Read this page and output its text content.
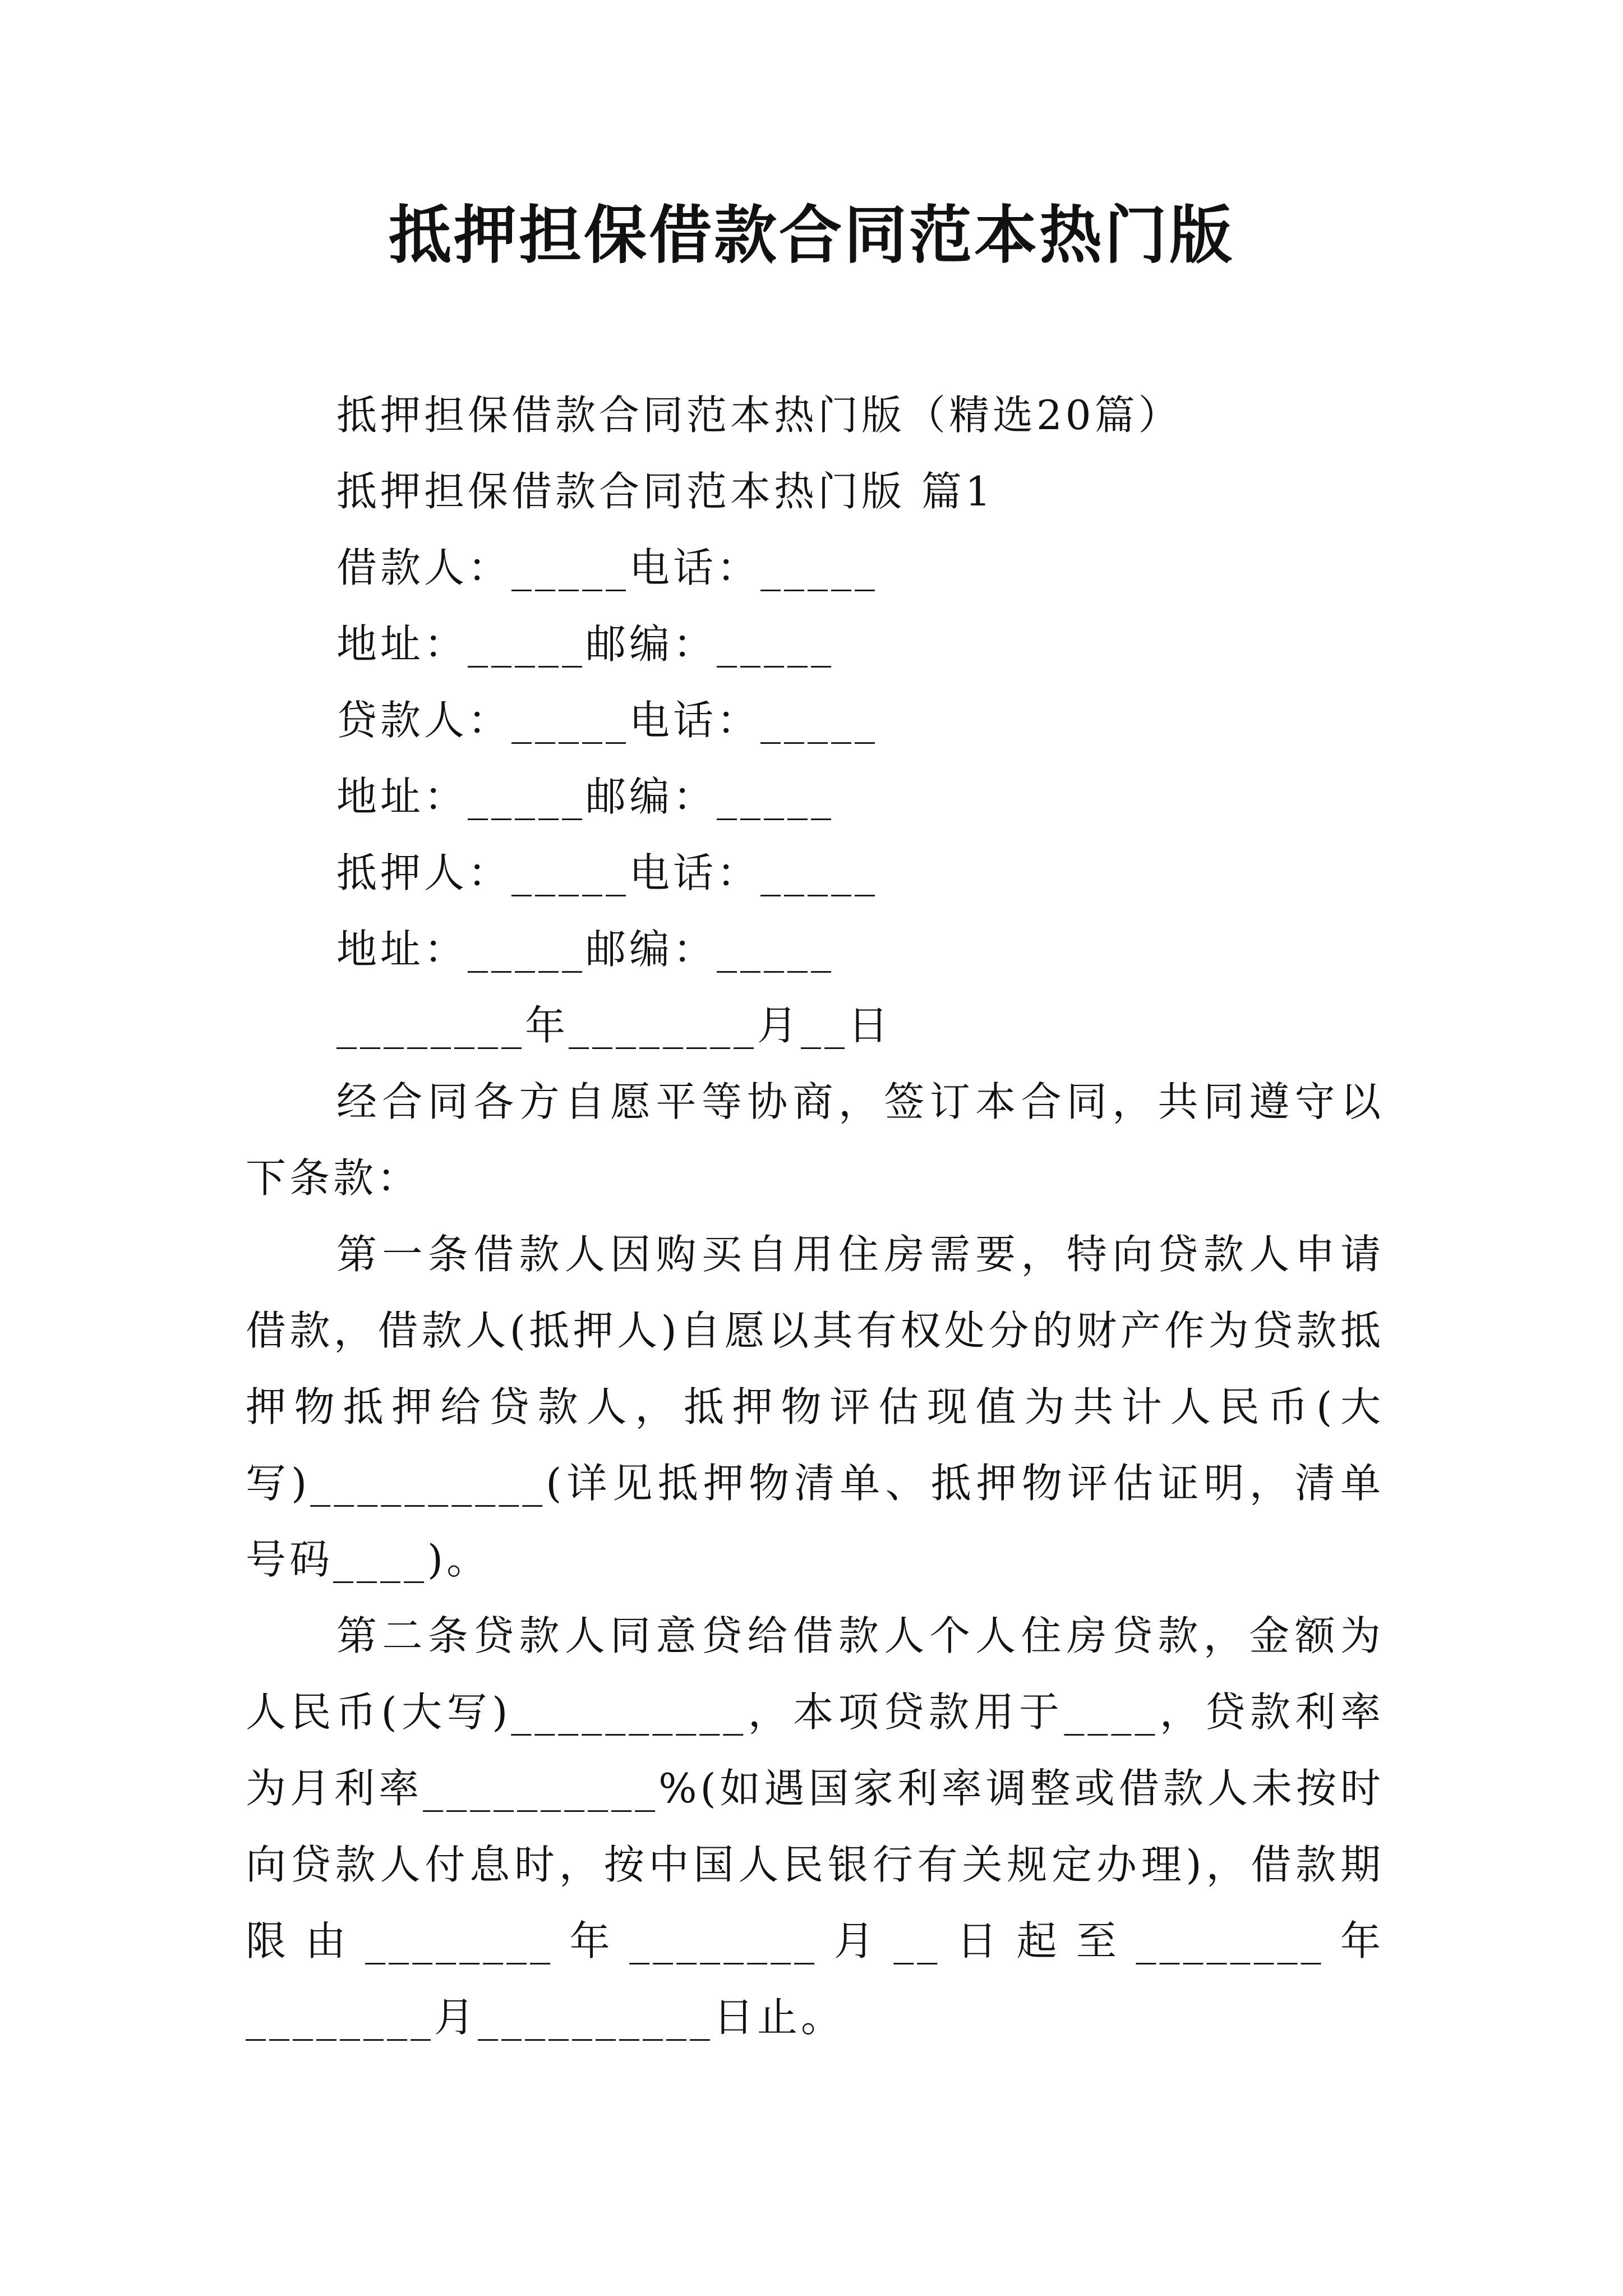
抵押担保借款合同范本热门版
抵押担保借款合同范本热门版（精选20篇）
抵押担保借款合同范本热门版 篇1
借款人：_____电话：_____
地址：_____邮编：_____
贷款人：_____电话：_____
地址：_____邮编：_____
抵押人：_____电话：_____
地址：_____邮编：_____
________年________月__日

经合同各方自愿平等协商，签订本合同，共同遵守以下条款：

第一条借款人因购买自用住房需要，特向贷款人申请借款，借款人(抵押人)自愿以其有权处分的财产作为贷款抵押物抵押给贷款人，抵押物评估现值为共计人民币(大写)__________(详见抵押物清单、抵押物评估证明，清单号码____)。

第二条贷款人同意贷给借款人个人住房贷款，金额为人民币(大写)__________，本项贷款用于____，贷款利率为月利率__________%(如遇国家利率调整或借款人未按时向贷款人付息时，按中国人民银行有关规定办理)，借款期限由________年________月__日起至________年________月__________日止。
